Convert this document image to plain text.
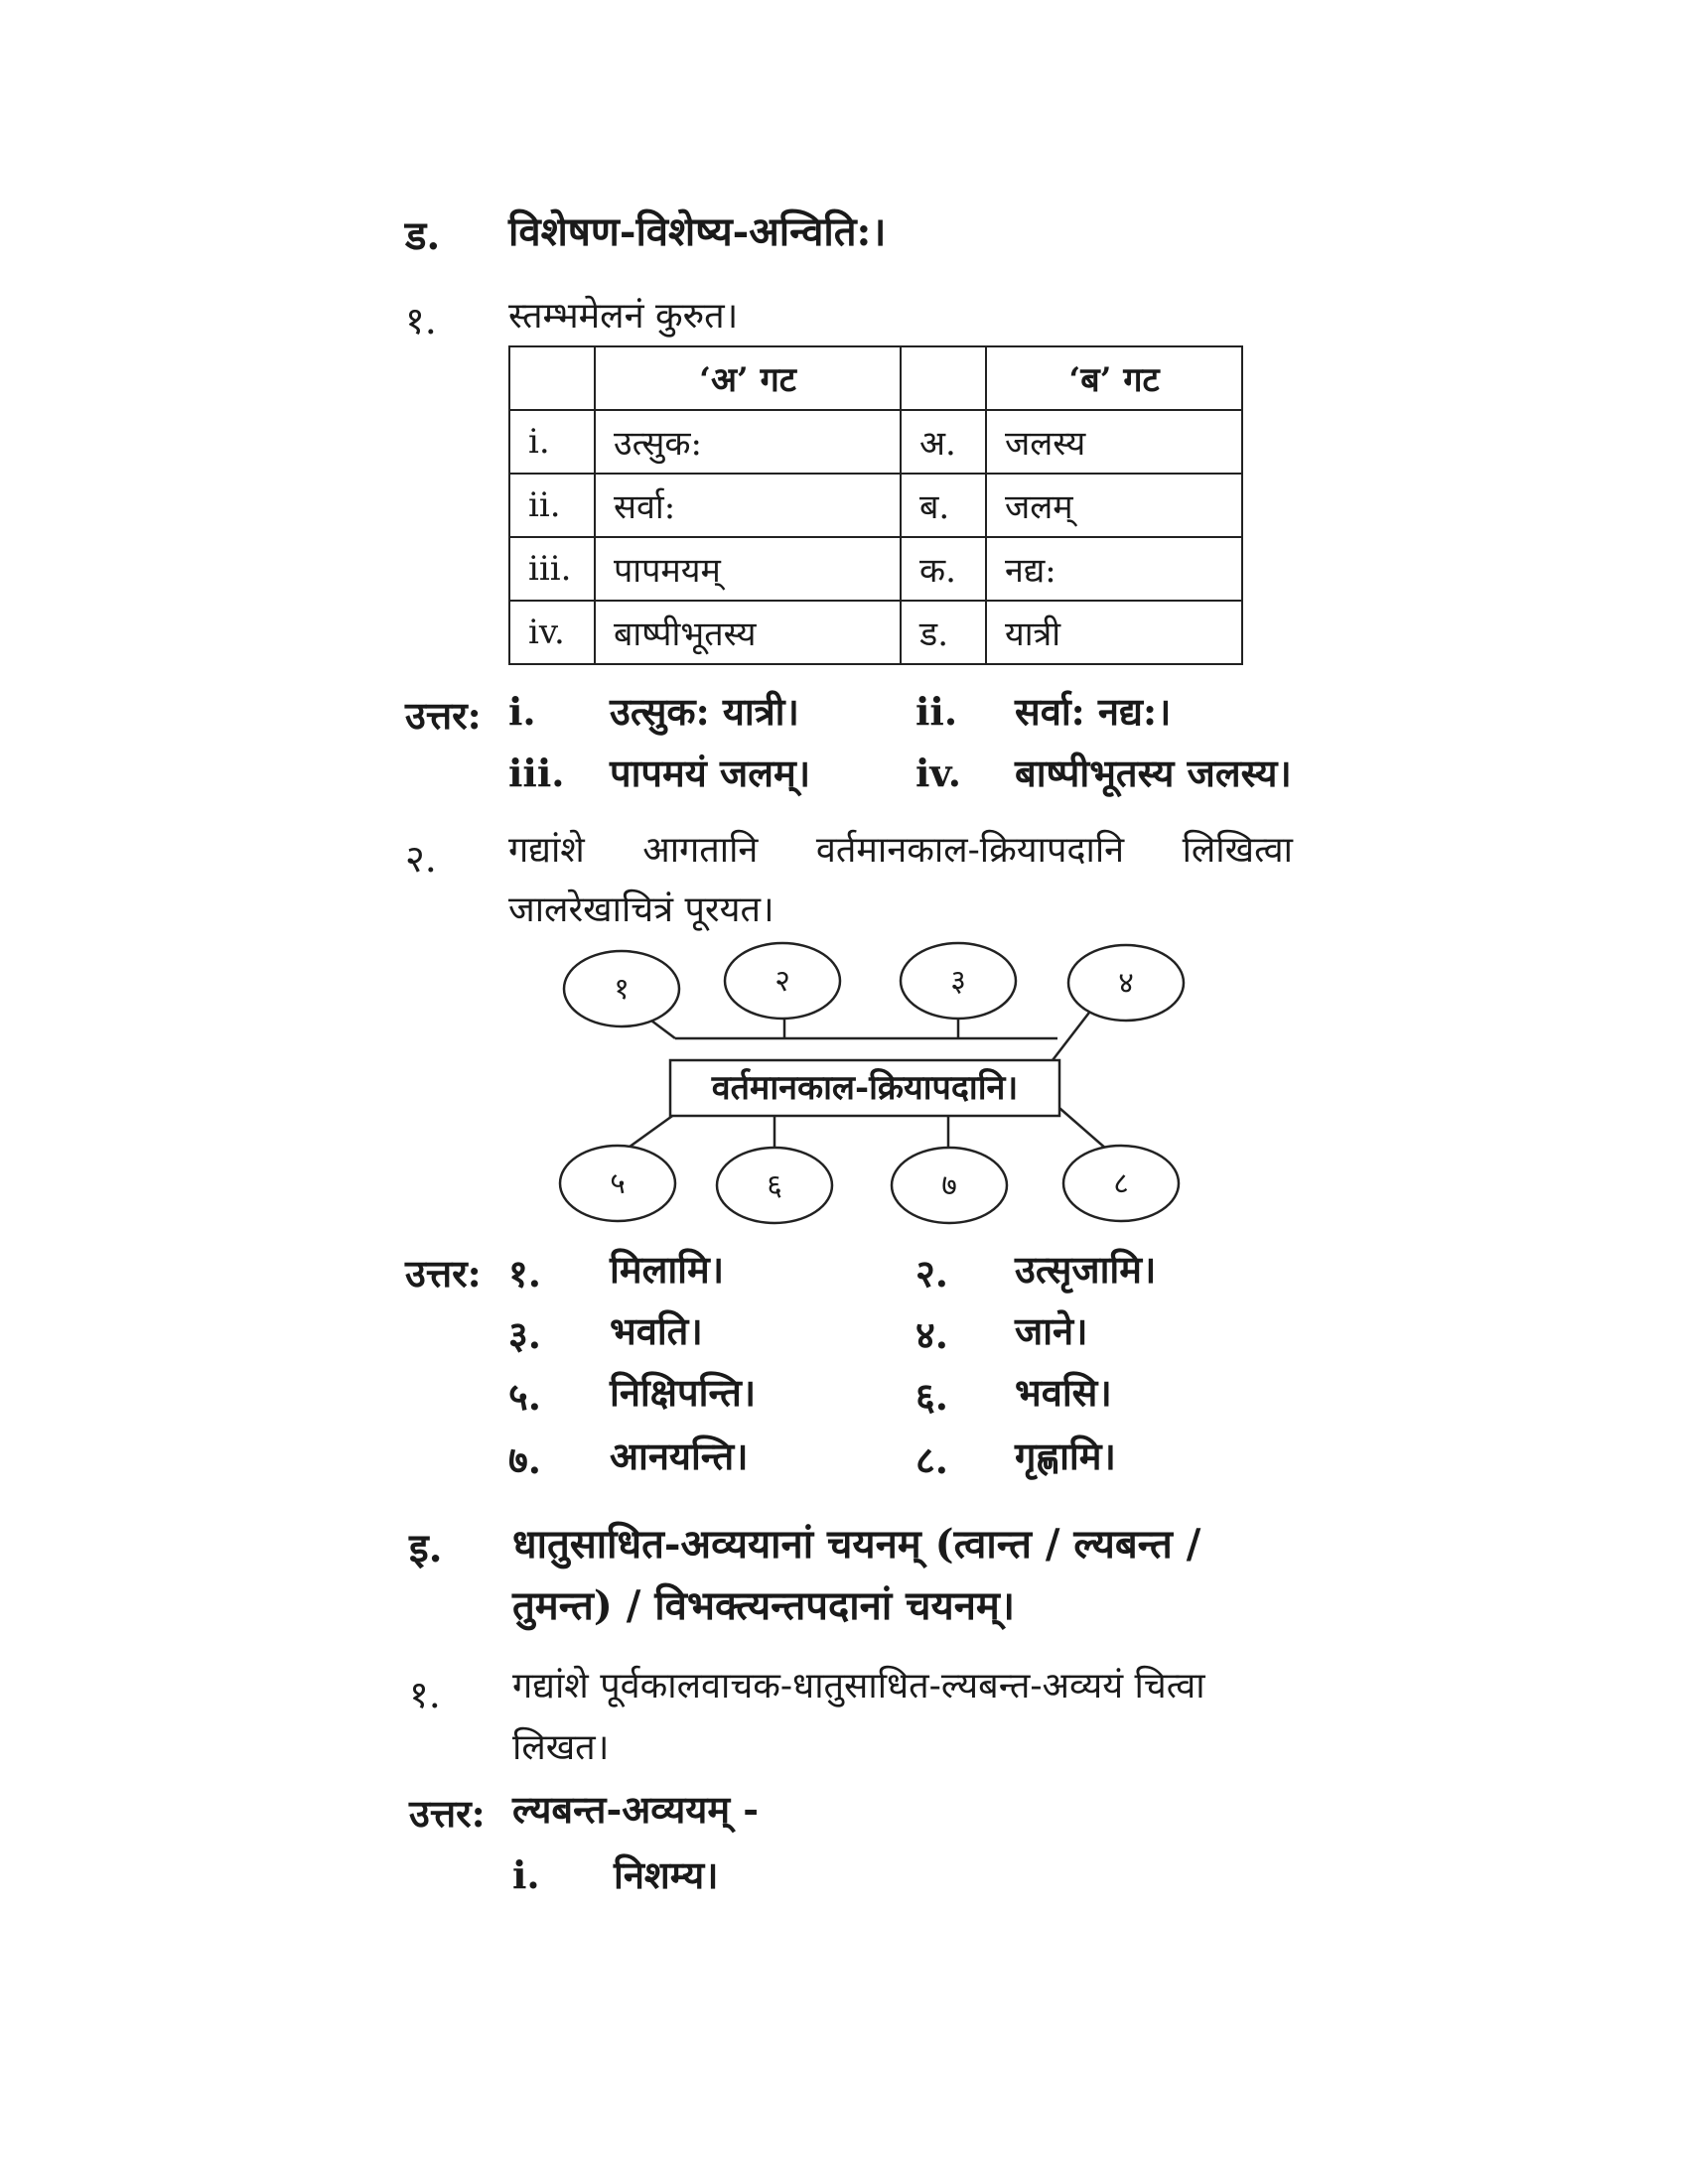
ड. विशेषण-विशेष्य-अन्विति:।
१. स्तम्भमेलनं कुरुत।
	‘अ’ गट		‘ब’ गट
i.	उत्सुक:	अ.	जलस्य
ii.	सर्वा:	ब.	जलम्
iii.	पापमयम्	क.	नद्य:
iv.	बाष्पीभूतस्य	ड.	यात्री
उत्तर: i. उत्सुक: यात्री।	ii. सर्वा: नद्य:।
iii. पापमयं जलम्।	iv. बाष्पीभूतस्य जलस्य।
२. गद्यांशे आगतानि वर्तमानकाल-क्रियापदानि लिखित्वा
जालरेखाचित्रं पूरयत।
१	२	३	४
५	६	७	८
वर्तमानकाल-क्रियापदानि।
उत्तर: १. मिलामि।	२. उत्सृजामि।
३. भवति।	४. जाने।
५. निक्षिपन्ति।	६. भवसि।
७. आनयन्ति।	८. गृह्णामि।
इ. धातुसाधित-अव्ययानां चयनम् (त्वान्त / ल्यबन्त /
तुमन्त) / विभक्त्यन्तपदानां चयनम्।
१. गद्यांशे पूर्वकालवाचक-धातुसाधित-ल्यबन्त-अव्ययं चित्वा
लिखत।
उत्तर: ल्यबन्त-अव्ययम् -
i. निशम्य।
